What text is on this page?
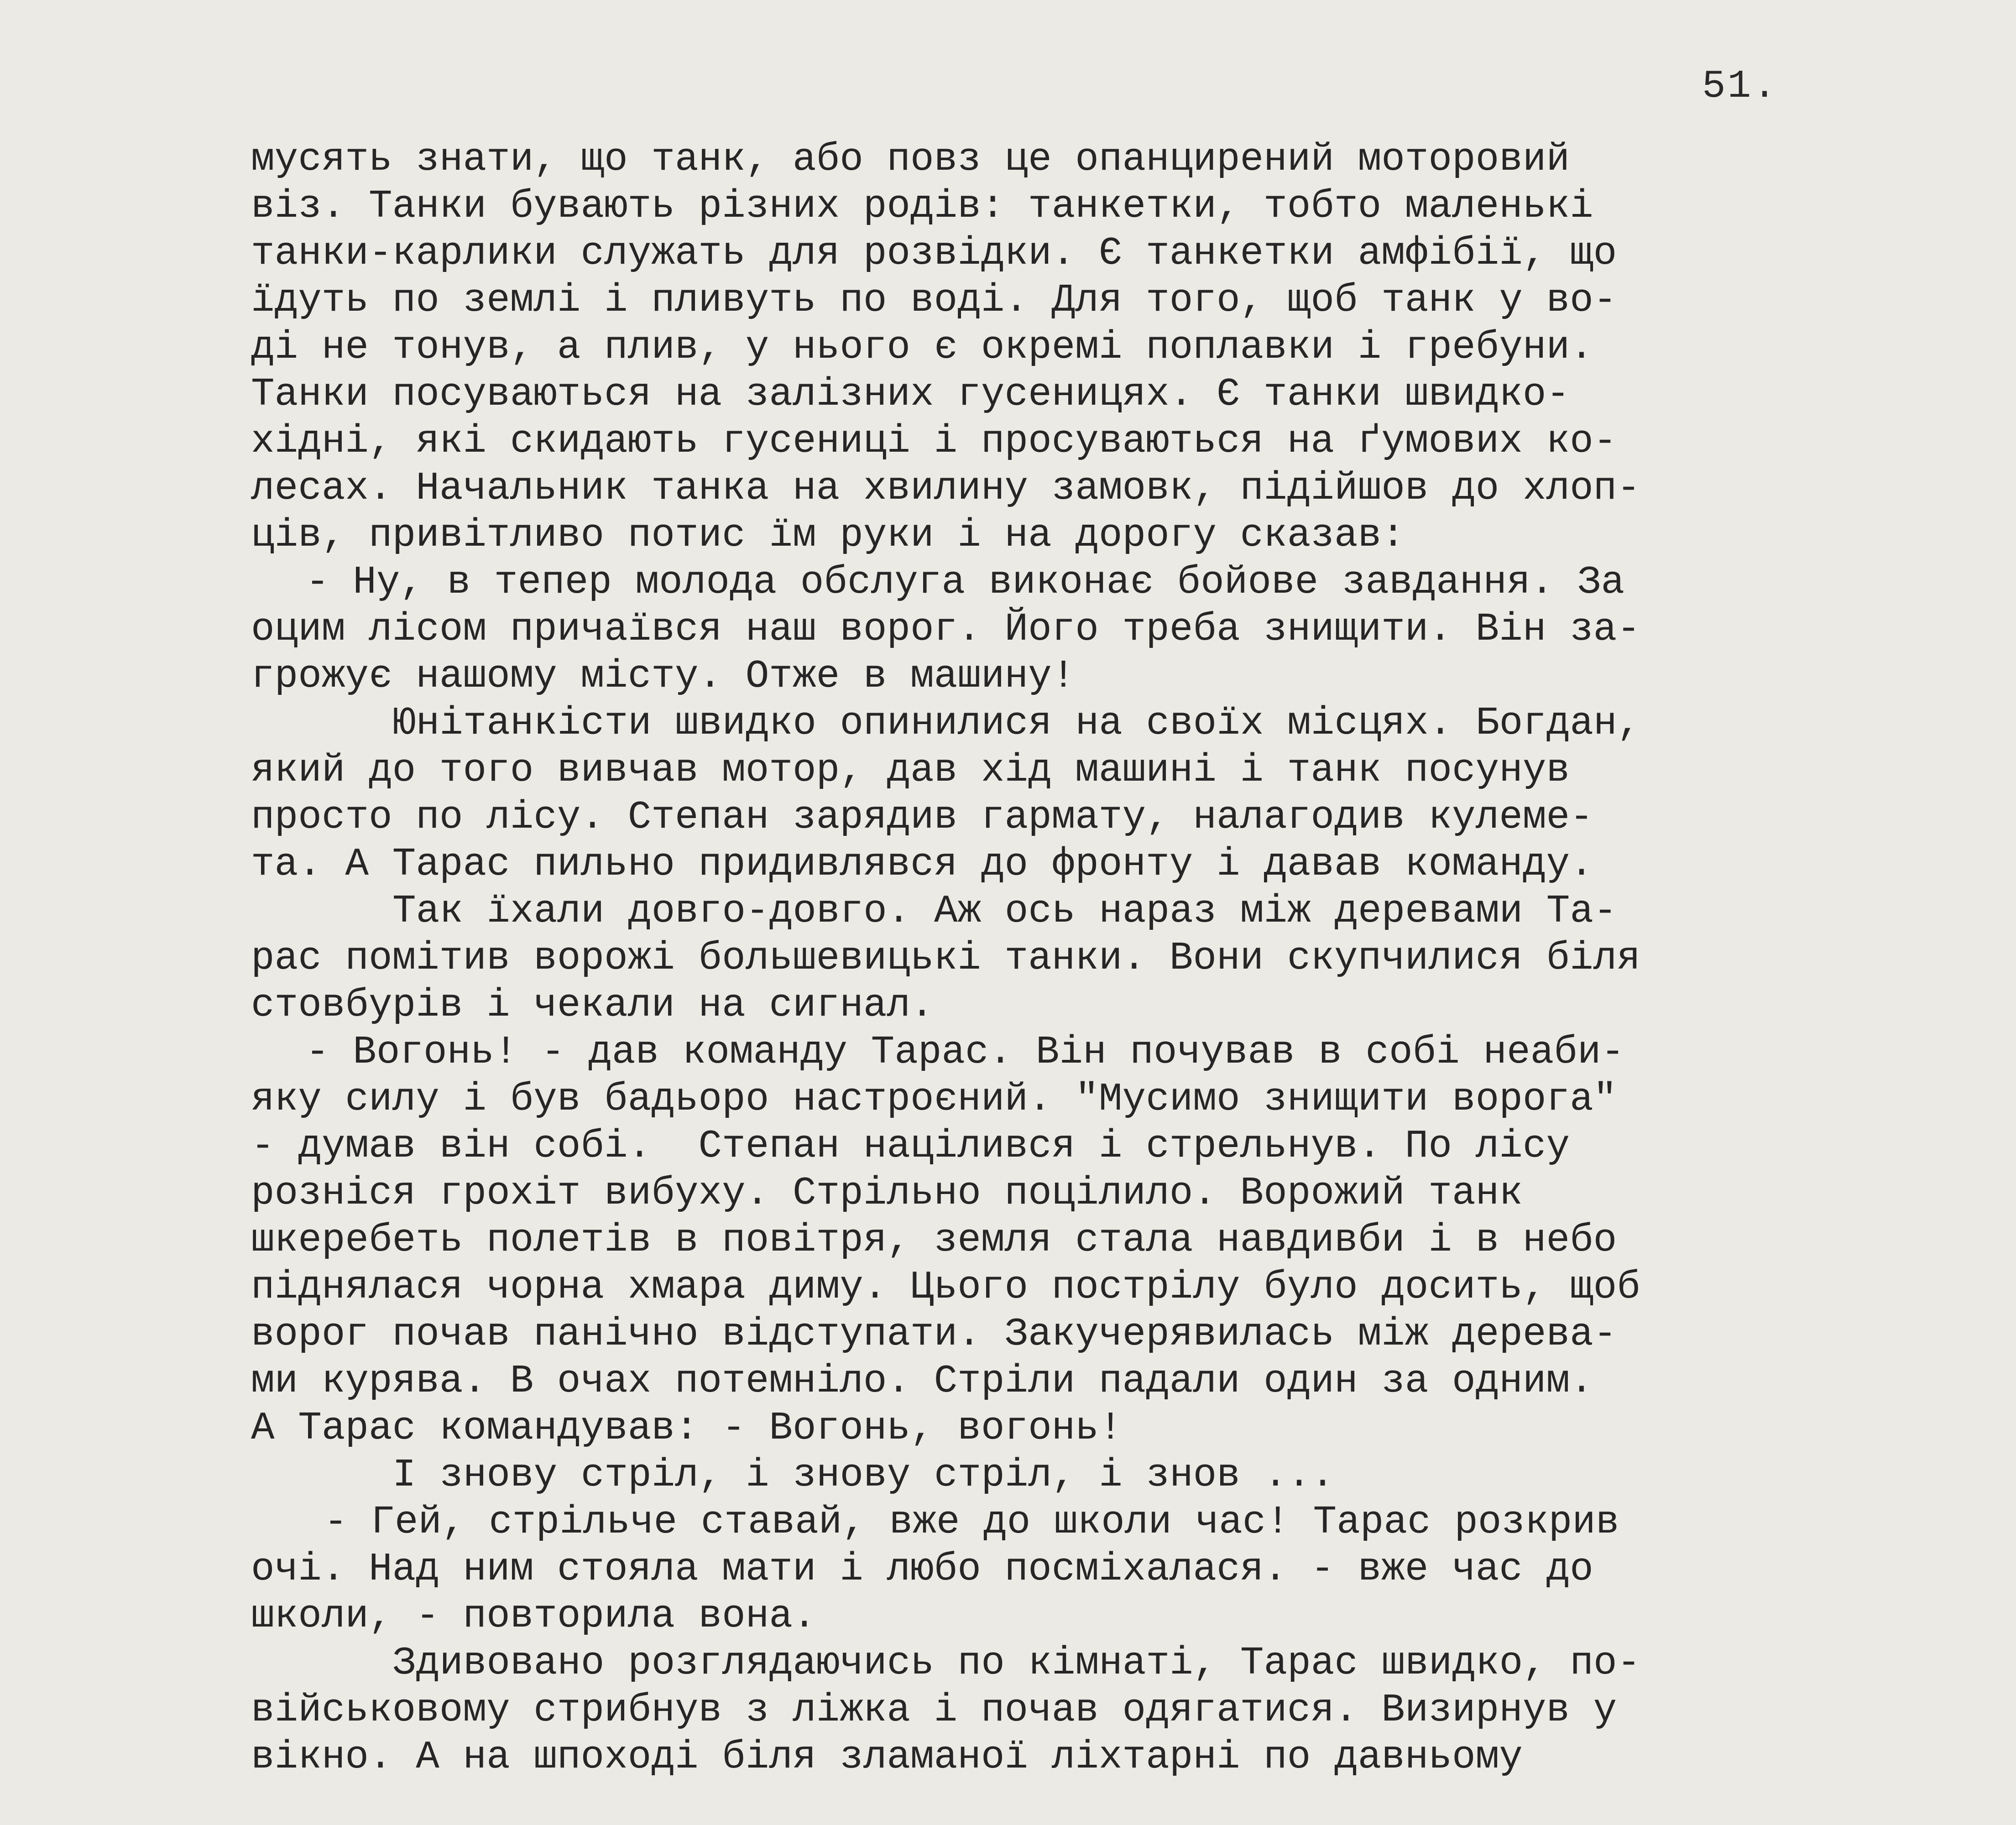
51.
мусять знати, що танк, або повз це опанцирений моторовий
віз. Танки бувають різних родів: танкетки, тобто маленькі
танки-карлики служать для розвідки. Є танкетки амфібії, що
їдуть по землі і пливуть по воді. Для того, щоб танк у во-
ді не тонув, а плив, у нього є окремі поплавки і гребуни.
Танки посуваються на залізних гусеницях. Є танки швидко-
хідні, які скидають гусениці і просуваються на ґумових ко-
лесах. Начальник танка на хвилину замовк, підійшов до хлоп-
ців, привітливо потис їм руки і на дорогу сказав:
- Ну, в тепер молода обслуга виконає бойове завдання. За
оцим лісом причаївся наш ворог. Його треба знищити. Він за-
грожує нашому місту. Отже в машину!
Юнітанкісти швидко опинилися на своїх місцях. Богдан,
який до того вивчав мотор, дав хід машині і танк посунув
просто по лісу. Степан зарядив гармату, налагодив кулеме-
та. А Тарас пильно придивлявся до фронту і давав команду.
Так їхали довго-довго. Аж ось нараз між деревами Та-
рас помітив ворожі большевицькі танки. Вони скупчилися біля
стовбурів і чекали на сигнал.
- Вогонь! - дав команду Тарас. Він почував в собі неаби-
яку силу і був бадьоро настроєний. "Мусимо знищити ворога"
- думав він собі.  Степан націлився і стрельнув. По лісу
розніся грохіт вибуху. Стрільно поцілило. Ворожий танк
шкеребеть полетів в повітря, земля стала навдивби і в небо
піднялася чорна хмара диму. Цього пострілу було досить, щоб
ворог почав панічно відступати. Закучерявилась між дерева-
ми курява. В очах потемніло. Стріли падали один за одним.
А Тарас командував: - Вогонь, вогонь!
І знову стріл, і знову стріл, і знов ...
- Гей, стрільче ставай, вже до школи час! Тарас розкрив
очі. Над ним стояла мати і любо посміхалася. - вже час до
школи, - повторила вона.
Здивовано розглядаючись по кімнаті, Тарас швидко, по-
військовому стрибнув з ліжка і почав одягатися. Визирнув у
вікно. А на шпоході біля зламаної ліхтарні по давньому
